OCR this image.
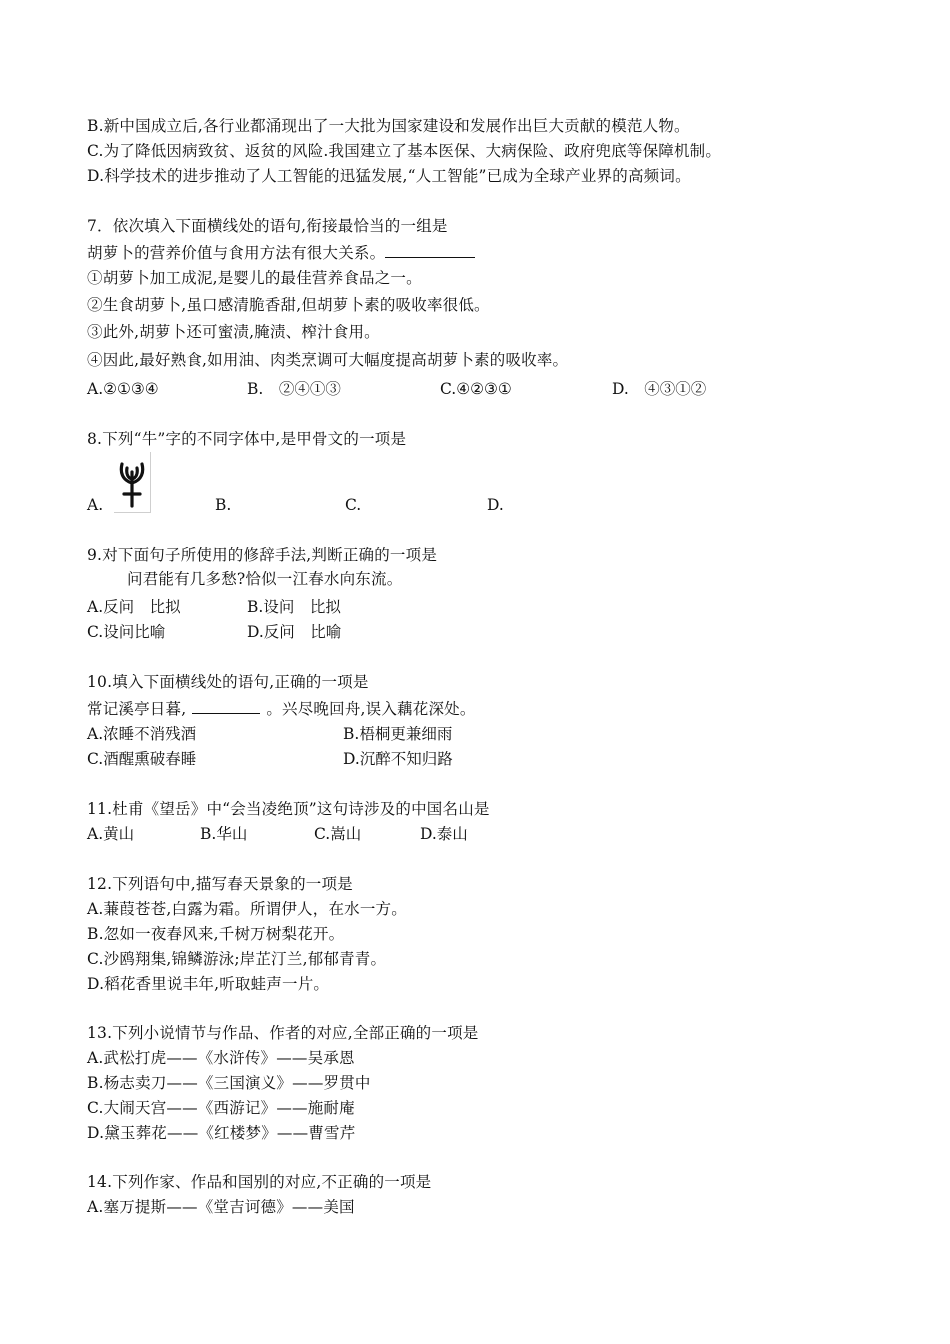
B.新中国成立后,各行业都涌现出了一大批为国家建设和发展作出巨大贡献的模范人物。
C.为了降低因病致贫、返贫的风险.我国建立了基本医保、大病保险、政府兜底等保障机制。
D.科学技术的进步推动了人工智能的迅猛发展,“人工智能”已成为全球产业界的高频词。
7．依次填入下面横线处的语句,衔接最恰当的一组是
胡萝卜的营养价值与食用方法有很大关系。
①胡萝卜加工成泥,是婴儿的最佳营养食品之一。
②生食胡萝卜,虽口感清脆香甜,但胡萝卜素的吸收率很低。
③此外,胡萝卜还可蜜渍,腌渍、榨汁食用。
④因此,最好熟食,如用油、肉类烹调可大幅度提高胡萝卜素的吸收率。
A.②①③④	B.　②④①③	C.④②③①	D.　④③①②
8.下列“牛”字的不同字体中,是甲骨文的一项是
A.	B.	C.	D.
9.对下面句子所使用的修辞手法,判断正确的一项是
问君能有几多愁?恰似一江春水向东流。
A.反问　比拟	B.设问　比拟
C.设问比喻	D.反问　比喻
10.填入下面横线处的语句,正确的一项是
常记溪亭日暮,	。兴尽晚回舟,误入藕花深处。
A.浓睡不消残酒	B.梧桐更兼细雨
C.酒醒熏破春睡	D.沉醉不知归路
11.杜甫《望岳》中“会当凌绝顶”这句诗涉及的中国名山是
A.黄山	B.华山	C.嵩山	D.泰山
12.下列语句中,描写春天景象的一项是
A.蒹葭苍苍,白露为霜。所谓伊人，在水一方。
B.忽如一夜春风来,千树万树梨花开。
C.沙鸥翔集,锦鳞游泳;岸芷汀兰,郁郁青青。
D.稻花香里说丰年,听取蛙声一片。
13.下列小说情节与作品、作者的对应,全部正确的一项是
A.武松打虎——《水浒传》——吴承恩
B.杨志卖刀——《三国演义》——罗贯中
C.大闹天宫——《西游记》——施耐庵
D.黛玉葬花——《红楼梦》——曹雪芹
14.下列作家、作品和国别的对应,不正确的一项是
A.塞万提斯——《堂吉诃德》——美国
